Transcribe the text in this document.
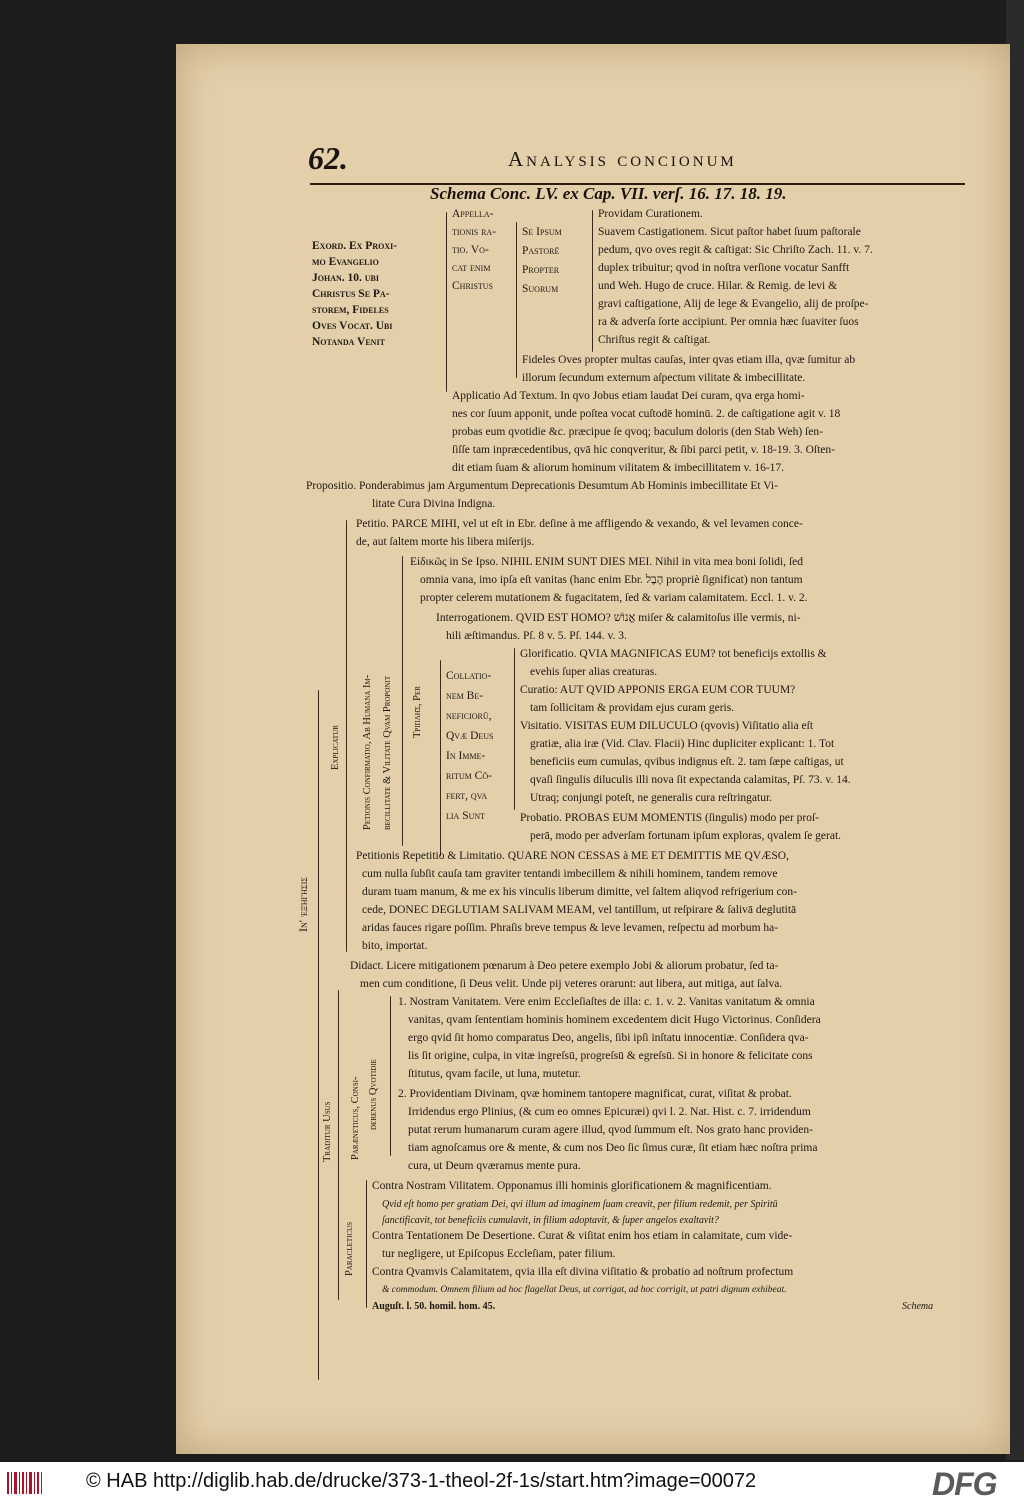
62.	Analysis concionum
Schema Conc. LV. ex Cap. VII. verſ. 16. 17. 18. 19.
Exord. Ex Proxi-
mo Evangelio
Johan. 10. ubi
Christus Se Pa-
storem, Fideles
Oves Vocat. Ubi
Notanda Venit
Appella-
tionis ra-
tio. Vo-
cat enim
Christus
Se Ipsum
Pastorē
Propter
Suorum
Providam Curationem.
Suavem Castigationem. Sicut paſtor habet ſuum paſtorale
pedum, qvo oves regit & caſtigat: Sic Chriſto Zach. 11. v. 7.
duplex tribuitur; qvod in noſtra verſione vocatur Sanfft
und Weh. Hugo de cruce. Hilar. & Remig. de levi &
gravi caſtigatione, Alij de lege & Evangelio, alij de proſpe-
ra & adverſa ſorte accipiunt. Per omnia hæc ſuaviter ſuos
Chriſtus regit & caſtigat.
Fideles Oves propter multas cauſas, inter qvas etiam illa, qvæ ſumitur ab
illorum ſecundum externum aſpectum vilitate & imbecillitate.
Applicatio Ad Textum. In qvo Jobus etiam laudat Dei curam, qva erga homi-
nes cor ſuum apponit, unde poſtea vocat cuſtodē hominū. 2. de caſtigatione agit v. 18
probas eum qvotidie &c. præcipue ſe qvoq; baculum doloris (den Stab Weh) ſen-
ſiſſe tam inpræcedentibus, qvā hic conqveritur, & ſibi parci petit, v. 18-19. 3. Oſten-
dit etiam ſuam & aliorum hominum vilitatem & imbecillitatem v. 16-17.
Propositio. Ponderabimus jam Argumentum Deprecationis Desumtum Ab Hominis imbecillitate Et Vi-
litate Cura Divina Indigna.
In' ἐξήγησις
Explicatur Petionis Confirmatio, Ab Humana Im- becillitate & Vilitate Qvam Proponit Τριπλῆς, Per
Petitio. PARCE MIHI, vel ut eſt in Ebr. deſine à me affligendo & vexando, & vel levamen conce-
de, aut ſaltem morte his libera miſerijs.
Εἰδικῶς in Se Ipso. NIHIL ENIM SUNT DIES MEI. Nihil in vita mea boni ſolidi, ſed
omnia vana, imo ipſa eſt vanitas (hanc enim Ebr. הֶבֶל propriè ſignificat) non tantum
propter celerem mutationem & fugacitatem, ſed & variam calamitatem. Eccl. 1. v. 2.
Interrogationem. QVID EST HOMO? אֱנוֹשׁ miſer & calamitoſus ille vermis, ni-
hili æſtimandus. Pſ. 8 v. 5. Pſ. 144. v. 3.
Collatio-
nem Be-
neficiorū,
Qvæ Deus
In Imme-
ritum Cō-
fert, qva
lia Sunt
Glorificatio. QVIA MAGNIFICAS EUM? tot beneficijs extollis &
evehis ſuper alias creaturas.
Curatio: AUT QVID APPONIS ERGA EUM COR TUUM?
tam ſollicitam & providam ejus curam geris.
Visitatio. VISITAS EUM DILUCULO (qvovis) Viſitatio alia eſt
gratiæ, alia iræ (Vid. Clav. Flacii) Hinc dupliciter explicant: 1. Tot
beneficiis eum cumulas, qvibus indignus eſt. 2. tam ſæpe caſtigas, ut
qvaſi ſingulis diluculis illi nova ſit expectanda calamitas, Pſ. 73. v. 14.
Utraq; conjungi poteſt, ne generalis cura reſtringatur.
Probatio. PROBAS EUM MOMENTIS (ſingulis) modo per proſ-
perā, modo per adverſam fortunam ipſum exploras, qvalem ſe gerat.
Petitionis Repetitio & Limitatio. QUARE NON CESSAS à ME ET DEMITTIS ME QVÆSO,
cum nulla ſubſit cauſa tam graviter tentandi imbecillem & nihili hominem, tandem remove
duram tuam manum, & me ex his vinculis liberum dimitte, vel ſaltem aliqvod refrigerium con-
cede, DONEC DEGLUTIAM SALIVAM MEAM, vel tantillum, ut reſpirare & ſalivā deglutitā
aridas fauces rigare poſſim. Phraſis breve tempus & leve levamen, reſpectu ad morbum ha-
bito, importat.
Traditur Usus Paræneticus, Consi- derenus Qvotidie
Paracleticus
Didact. Licere mitigationem pœnarum à Deo petere exemplo Jobi & aliorum probatur, ſed ta-
men cum conditione, ſi Deus velit. Unde pij veteres orarunt: aut libera, aut mitiga, aut ſalva.
1. Nostram Vanitatem. Vere enim Eccleſiaſtes de illa: c. 1. v. 2. Vanitas vanitatum & omnia
vanitas, qvam ſententiam hominis hominem excedentem dicit Hugo Victorinus. Conſidera
ergo qvid ſit homo comparatus Deo, angelis, ſibi ipſi inſtatu innocentiæ. Conſidera qva-
lis ſit origine, culpa, in vitæ ingreſsū, progreſsū & egreſsū. Si in honore & felicitate cons
ſtitutus, qvam facile, ut luna, mutetur.
2. Providentiam Divinam, qvæ hominem tantopere magnificat, curat, viſitat & probat.
Irridendus ergo Plinius, (& cum eo omnes Epicuræi) qvi l. 2. Nat. Hist. c. 7. irridendum
putat rerum humanarum curam agere illud, qvod ſummum eſt. Nos grato hanc providen-
tiam agnoſcamus ore & mente, & cum nos Deo ſic ſimus curæ, ſit etiam hæc noſtra prima
cura, ut Deum qværamus mente pura.
Contra Nostram Vilitatem. Opponamus illi hominis glorificationem & magnificentiam.
Qvid eſt homo per gratiam Dei, qvi illum ad imaginem ſuam creavit, per filium redemit, per Spiritū
ſanctificavit, tot beneficiis cumulavit, in filium adoptavit, & ſuper angelos exaltavit?
Contra Tentationem De Desertione. Curat & viſitat enim hos etiam in calamitate, cum vide-
tur negligere, ut Epiſcopus Eccleſiam, pater filium.
Contra Qvamvis Calamitatem, qvia illa eſt divina viſitatio & probatio ad noſtrum profectum
& commodum. Omnem filium ad hoc flagellat Deus, ut corrigat, ad hoc corrigit, ut patri dignum exhibeat.
Auguſt. l. 50. homil. hom. 45.	Schema
© HAB http://diglib.hab.de/drucke/373-1-theol-2f-1s/start.htm?image=00072	DFG
